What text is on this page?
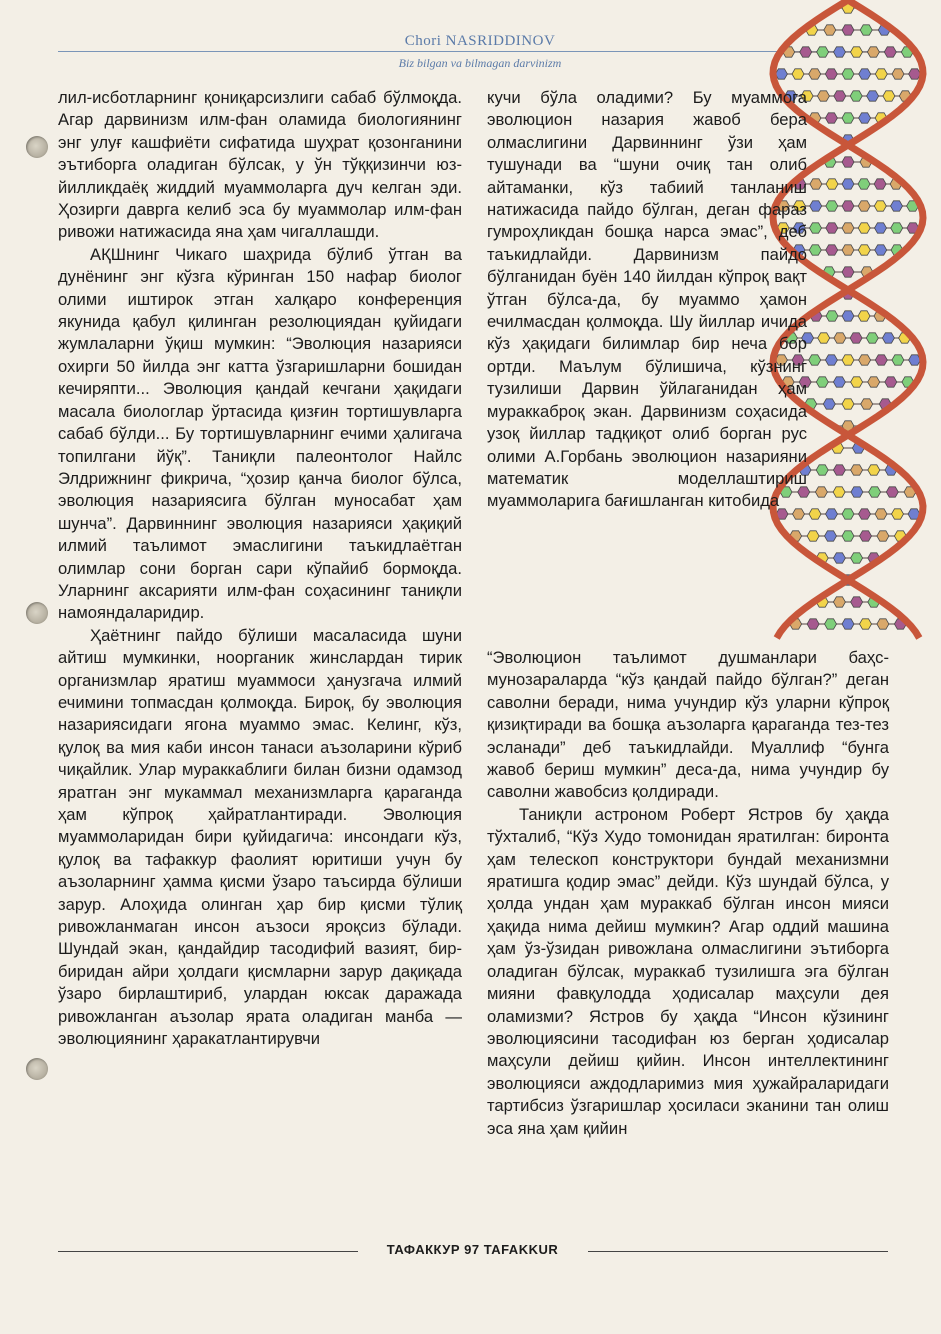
Chori NASRIDDINOV
Biz bilgan va bilmagan darvinizm

лил-исботларнинг қониқарсизлиги сабаб бўлмоқда. Агар дарвинизм илм-фан оламида биологиянинг энг улуғ кашфиёти сифатида шуҳрат қозонганини эътиборга оладиган бўлсак, у ўн тўққизинчи юз-йилликдаёқ жиддий муаммоларга дуч келган эди. Ҳозирги даврга келиб эса бу муаммолар илм-фан ривожи натижасида яна ҳам чигаллашди.

АҚШнинг Чикаго шаҳрида бўлиб ўтган ва дунёнинг энг кўзга кўринган 150 нафар биолог олими иштирок этган халқаро конференция якунида қабул қилинган резолюциядан қуйидаги жумлаларни ўқиш мумкин: “Эволюция назарияси охирги 50 йилда энг катта ўзгаришларни бошидан кечиряпти... Эволюция қандай кечгани ҳақидаги масала биологлар ўртасида қизғин тортишувларга сабаб бўлди... Бу тортишувларнинг ечими ҳалигача топилгани йўқ”. Таниқли палеонтолог Найлс Элдрижнинг фикрича, “ҳозир қанча биолог бўлса, эволюция назариясига бўлган муносабат ҳам шунча”. Дарвиннинг эволюция назарияси ҳақиқий илмий таълимот эмаслигини таъкидлаётган олимлар сони борган сари кўпайиб бормоқда. Уларнинг аксарияти илм-фан соҳасининг таниқли намояндаларидир.

Ҳаётнинг пайдо бўлиши масаласида шуни айтиш мумкинки, ноорганик жинслардан тирик организмлар яратиш муаммоси ҳанузгача илмий ечимини топмасдан қолмоқда. Бироқ, бу эволюция назариясидаги ягона муаммо эмас. Келинг, кўз, қулоқ ва мия каби инсон танаси аъзоларини кўриб чиқайлик. Улар мураккаблиги билан бизни одамзод яратган энг мукаммал механизмларга қараганда ҳам кўпроқ ҳайратлантиради. Эволюция муаммоларидан бири қуйидагича: инсондаги кўз, қулоқ ва тафаккур фаолият юритиши учун бу аъзоларнинг ҳамма қисми ўзаро таъсирда бўлиши зарур. Алоҳида олинган ҳар бир қисми тўлиқ ривожланмаган инсон аъзоси яроқсиз бўлади. Шундай экан, қандайдир тасодифий вазият, бир-биридан айри ҳолдаги қисмларни зарур дақиқада ўзаро бирлаштириб, улардан юксак даражада ривожланган аъзолар ярата оладиган манба — эволюциянинг ҳаракатлантирувчи

кучи бўла оладими? Бу муаммога эволюцион назария жавоб бера олмаслигини Дарвиннинг ўзи ҳам тушунади ва “шуни очиқ тан олиб айтаманки, кўз табиий танланиш натижасида пайдо бўлган, деган фараз гумроҳликдан бошқа нарса эмас”, деб таъкидлайди. Дарвинизм пайдо бўлганидан буён 140 йилдан кўпроқ вақт ўтган бўлса-да, бу муаммо ҳамон ечилмасдан қолмоқда. Шу йиллар ичида кўз ҳақидаги билимлар бир неча бор ортди. Маълум бўлишича, кўзнинг тузилиши Дарвин ўйлаганидан ҳам мураккаброқ экан. Дарвинизм соҳасида узоқ йиллар тадқиқот олиб борган рус олими А.Горбань эволюцион назарияни математик моделлаштириш муаммоларига бағишланган китобида

“Эволюцион таълимот душманлари баҳс-мунозараларда “кўз қандай пайдо бўлган?” деган саволни беради, нима учундир кўз уларни кўпроқ қизиқтиради ва бошқа аъзоларга қараганда тез-тез эсланади” деб таъкидлайди. Муаллиф “бунга жавоб бериш мумкин” деса-да, нима учундир бу саволни жавобсиз қолдиради.

Таниқли астроном Роберт Ястров бу ҳақда тўхталиб, “Кўз Худо томонидан яратилган: биронта ҳам телескоп конструктори бундай механизмни яратишга қодир эмас” дейди. Кўз шундай бўлса, у ҳолда ундан ҳам мураккаб бўлган инсон мияси ҳақида нима дейиш мумкин? Агар оддий машина ҳам ўз-ўзидан ривожлана олмаслигини эътиборга оладиган бўлсак, мураккаб тузилишга эга бўлган мияни фавқулодда ҳодисалар маҳсули дея оламизми? Ястров бу ҳақда “Инсон кўзининг эволюциясини тасодифан юз берган ҳодисалар маҳсули дейиш қийин. Инсон интеллектининг эволюцияси аждодларимиз мия ҳужайраларидаги тартибсиз ўзгаришлар ҳосиласи эканини тан олиш эса яна ҳам қийин

ТАФАККУР 97 TAFAKKUR
